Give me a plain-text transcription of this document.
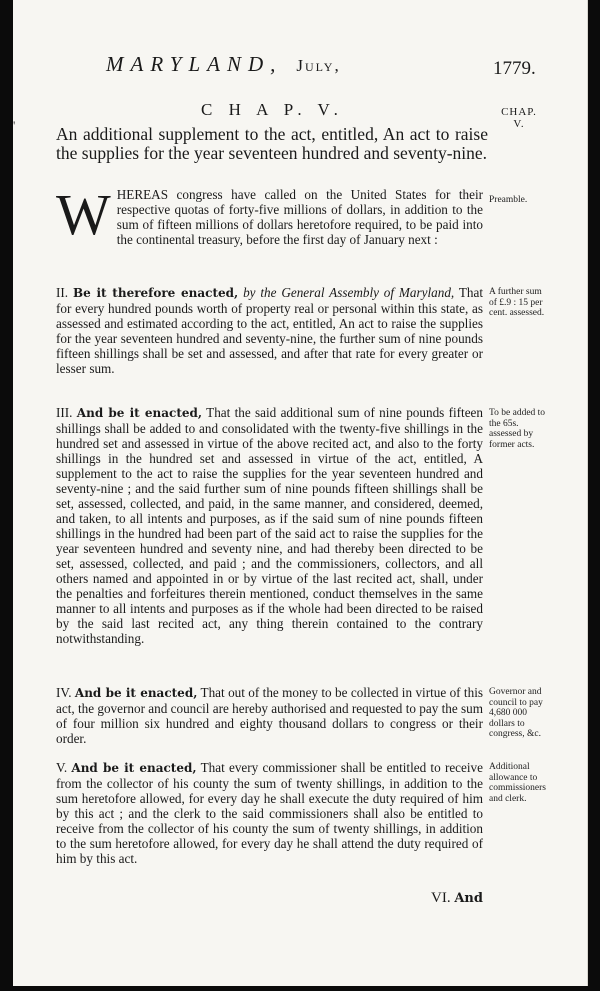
'
MARYLAND, July,	1779.
C H A P. V.	CHAP. V.
An additional supplement to the act, entitled, An act to raise the supplies for the year seventeen hundred and seventy-nine.
W HEREAS congress have called on the United States for their respective quotas of forty-five millions of dollars, in addition to the sum of fifteen millions of dollars heretofore required, to be paid into the continental treasury, before the first day of January next :
Preamble.
II. Be it therefore enacted, by the General Assembly of Maryland, That for every hundred pounds worth of property real or personal within this state, as assessed and estimated according to the act, entitled, An act to raise the supplies for the year seventeen hundred and seventy-nine, the further sum of nine pounds fifteen shillings shall be set and assessed, and after that rate for every greater or lesser sum.
A further sum of £.9 : 15 per cent. assessed.
III. And be it enacted, That the said additional sum of nine pounds fifteen shillings shall be added to and consolidated with the twenty-five shillings in the hundred set and assessed in virtue of the above recited act, and also to the forty shillings in the hundred set and assessed in virtue of the act, entitled, A supplement to the act to raise the supplies for the year seventeen hundred and seventy-nine ; and the said further sum of nine pounds fifteen shillings shall be set, assessed, collected, and paid, in the same manner, and considered, deemed, and taken, to all intents and purposes, as if the said sum of nine pounds fifteen shillings in the hundred had been part of the said act to raise the supplies for the year seventeen hundred and seventy nine, and had thereby been directed to be set, assessed, collected, and paid ; and the commissioners, collectors, and all others named and appointed in or by virtue of the last recited act, shall, under the penalties and forfeitures therein mentioned, conduct themselves in the same manner to all intents and purposes as if the whole had been directed to be raised by the said last recited act, any thing therein contained to the contrary notwithstanding.
To be added to the 65s. assessed by former acts.
IV. And be it enacted, That out of the money to be collected in virtue of this act, the governor and council are hereby authorised and requested to pay the sum of four million six hundred and eighty thousand dollars to congress or their order.
Governor and council to pay 4,680 000 dollars to congress, &c.
V. And be it enacted, That every commissioner shall be entitled to receive from the collector of his county the sum of twenty shillings, in addition to the sum heretofore allowed, for every day he shall execute the duty required of him by this act ; and the clerk to the said commissioners shall also be entitled to receive from the collector of his county the sum of twenty shillings, in addition to the sum heretofore allowed, for every day he shall attend the duty required of him by this act.
Additional allowance to commissioners and clerk.
VI. And
